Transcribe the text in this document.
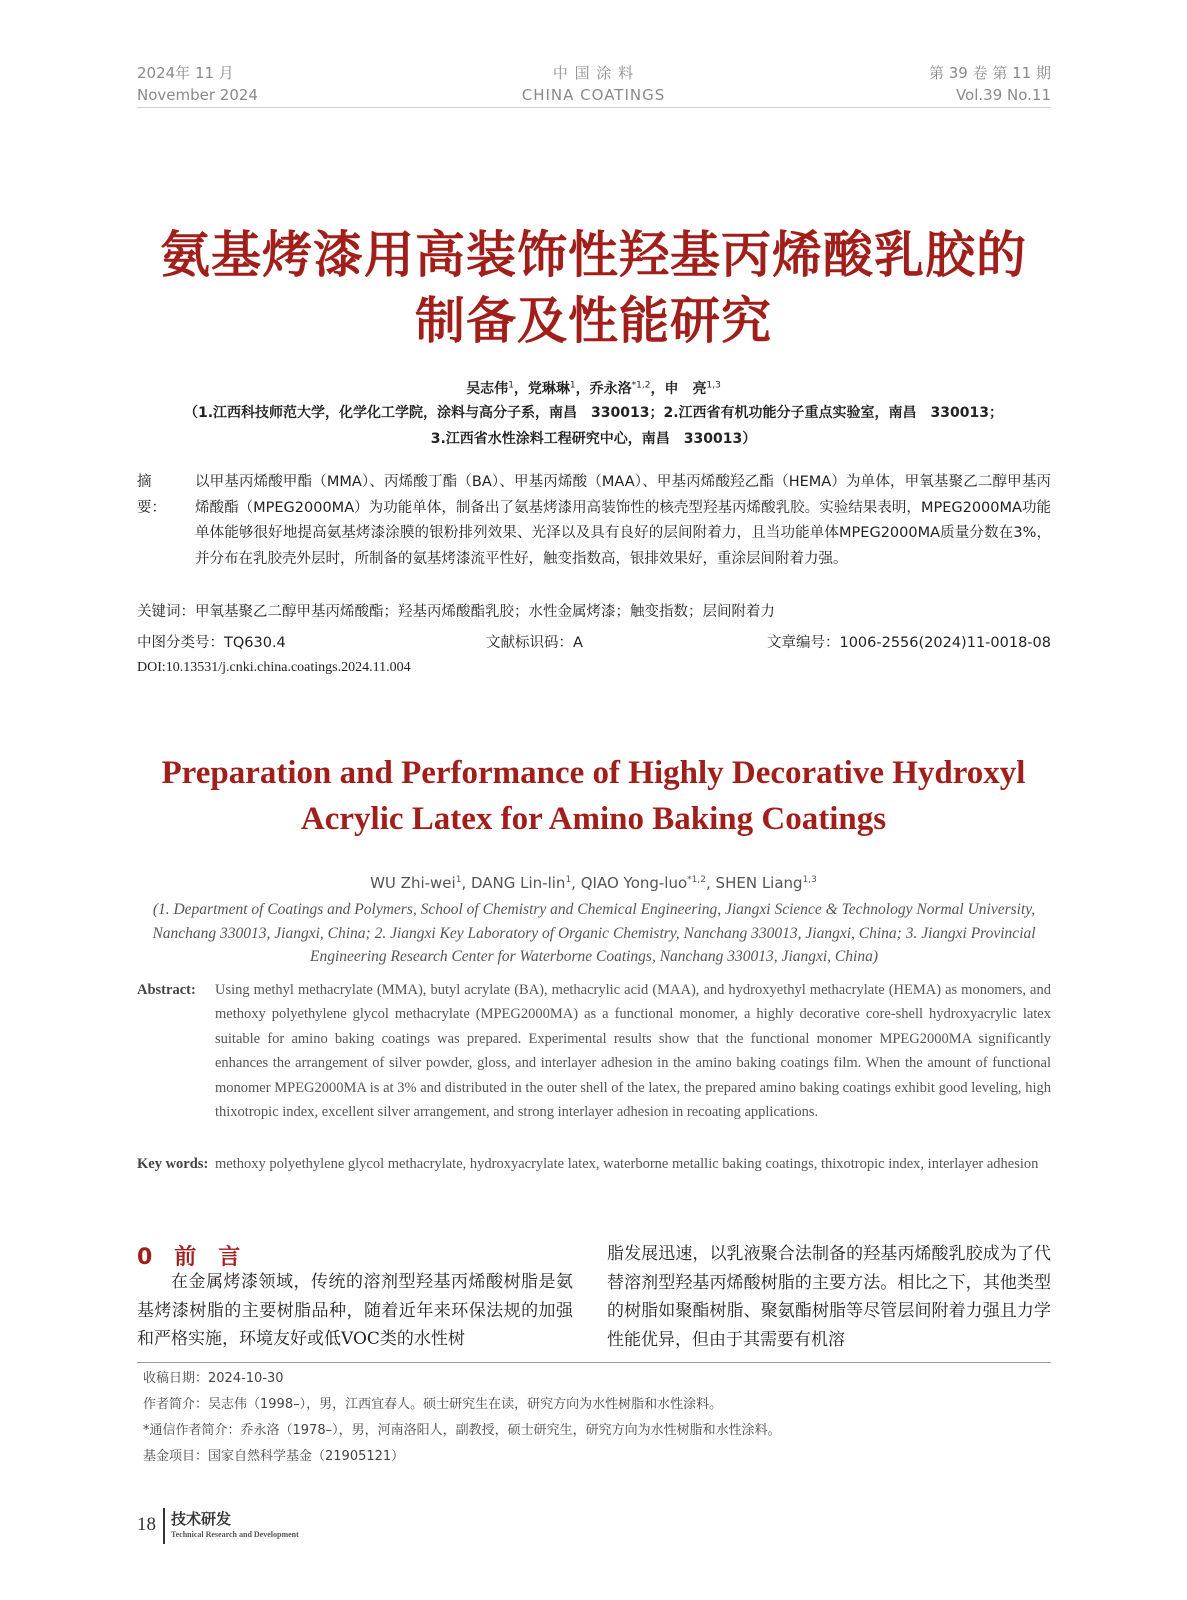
2024年 11 月
November 2024
中 国 涂 料
CHINA COATINGS
第 39 卷 第 11 期
Vol.39 No.11
氨基烤漆用高装饰性羟基丙烯酸乳胶的
制备及性能研究
吴志伟$^1$，党琳琳$^1$，乔永洛$^{*1,2}$，申　亮$^{1,3}$
（1.江西科技师范大学，化学化工学院，涂料与高分子系，南昌　330013；2.江西省有机功能分子重点实验室，南昌　330013；
3.江西省水性涂料工程研究中心，南昌　330013）
摘　要：
以甲基丙烯酸甲酯（MMA）、丙烯酸丁酯（BA）、甲基丙烯酸（MAA）、甲基丙烯酸羟乙酯（HEMA）为单体，甲氧基聚乙二醇甲基丙烯酸酯（MPEG2000MA）为功能单体，制备出了氨基烤漆用高装饰性的核壳型羟基丙烯酸乳胶。实验结果表明，MPEG2000MA功能单体能够很好地提高氨基烤漆涂膜的银粉排列效果、光泽以及具有良好的层间附着力，且当功能单体MPEG2000MA质量分数在3%，并分布在乳胶壳外层时，所制备的氨基烤漆流平性好，触变指数高，银排效果好，重涂层间附着力强。
关键词：甲氧基聚乙二醇甲基丙烯酸酯；羟基丙烯酸酯乳胶；水性金属烤漆；触变指数；层间附着力
中图分类号：TQ630.4	文献标识码：A	文章编号：1006-2556(2024)11-0018-08
DOI:10.13531/j.cnki.china.coatings.2024.11.004
Preparation and Performance of Highly Decorative Hydroxyl
Acrylic Latex for Amino Baking Coatings
WU Zhi-wei$^1$, DANG Lin-lin$^1$, QIAO Yong-luo$^{*1,2}$, SHEN Liang$^{1,3}$
(1. Department of Coatings and Polymers, School of Chemistry and Chemical Engineering, Jiangxi Science & Technology Normal University, Nanchang 330013, Jiangxi, China; 2. Jiangxi Key Laboratory of Organic Chemistry, Nanchang 330013, Jiangxi, China; 3. Jiangxi Provincial Engineering Research Center for Waterborne Coatings, Nanchang 330013, Jiangxi, China)
Abstract: Using methyl methacrylate (MMA), butyl acrylate (BA), methacrylic acid (MAA), and hydroxyethyl methacrylate (HEMA) as monomers, and methoxy polyethylene glycol methacrylate (MPEG2000MA) as a functional monomer, a highly decorative core-shell hydroxyacrylic latex suitable for amino baking coatings was prepared. Experimental results show that the functional monomer MPEG2000MA significantly enhances the arrangement of silver powder, gloss, and interlayer adhesion in the amino baking coatings film. When the amount of functional monomer MPEG2000MA is at 3% and distributed in the outer shell of the latex, the prepared amino baking coatings exhibit good leveling, high thixotropic index, excellent silver arrangement, and strong interlayer adhesion in recoating applications.
Key words: methoxy polyethylene glycol methacrylate, hydroxyacrylate latex, waterborne metallic baking coatings, thixotropic index, interlayer adhesion
0　前　言

在金属烤漆领域，传统的溶剂型羟基丙烯酸树脂是氨基烤漆树脂的主要树脂品种，随着近年来环保法规的加强和严格实施，环境友好或低VOC类的水性树

脂发展迅速，以乳液聚合法制备的羟基丙烯酸乳胶成为了代替溶剂型羟基丙烯酸树脂的主要方法。相比之下，其他类型的树脂如聚酯树脂、聚氨酯树脂等尽管层间附着力强且力学性能优异，但由于其需要有机溶

收稿日期：2024-10-30
作者简介：吴志伟（1998–），男，江西宜春人。硕士研究生在读，研究方向为水性树脂和水性涂料。
*通信作者简介：乔永洛（1978–），男，河南洛阳人，副教授，硕士研究生，研究方向为水性树脂和水性涂料。
基金项目：国家自然科学基金（21905121）
18 技术研发
Technical Research and Development
